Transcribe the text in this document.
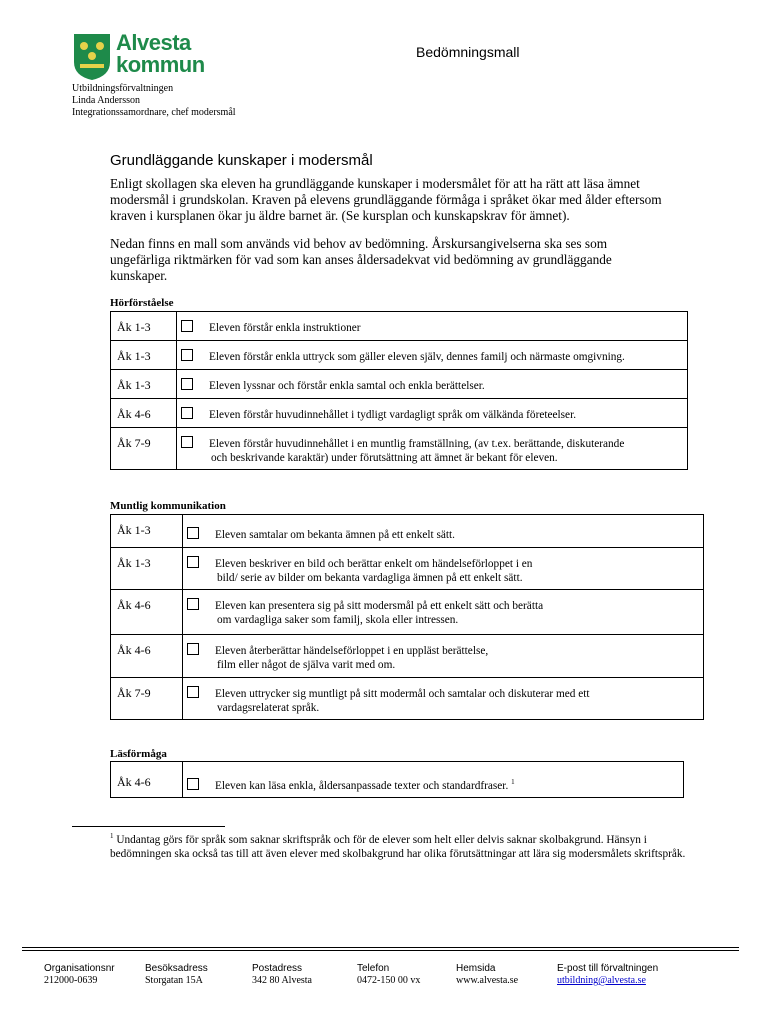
Alvesta
kommun
Utbildningsförvaltningen
Linda Andersson
Integrationssamordnare, chef modersmål
Bedömningsmall
Grundläggande kunskaper i modersmål
Enligt skollagen ska eleven ha grundläggande kunskaper i modersmålet för att ha rätt att läsa ämnet modersmål i grundskolan. Kraven på elevens grundläggande förmåga i språket ökar med ålder eftersom kraven i kursplanen ökar ju äldre barnet är. (Se kursplan och kunskapskrav för ämnet).
Nedan finns en mall som används vid behov av bedömning. Årskursangivelserna ska ses som ungefärliga riktmärken för vad som kan anses åldersadekvat vid bedömning av grundläggande kunskaper.
Hörförståelse
Åk 1-3	Eleven förstår enkla instruktioner

Åk 1-3	Eleven förstår enkla uttryck som gäller eleven själv, dennes familj och närmaste omgivning.

Åk 1-3	Eleven lyssnar och förstår enkla samtal och enkla berättelser.

Åk 4-6	Eleven förstår huvudinnehållet i tydligt vardagligt språk om välkända företeelser.

Åk 7-9	Eleven förstår huvudinnehållet i en muntlig framställning, (av t.ex. berättande, diskuterande
och beskrivande karaktär) under förutsättning att ämnet är bekant för eleven.
Muntlig kommunikation
Åk 1-3	Eleven samtalar om bekanta ämnen på ett enkelt sätt.

Åk 1-3	Eleven beskriver en bild och berättar enkelt om händelseförloppet i en
bild/ serie av bilder om bekanta vardagliga ämnen på ett enkelt sätt.

Åk 4-6	Eleven kan presentera sig på sitt modersmål på ett enkelt sätt och berätta
om vardagliga saker som familj, skola eller intressen.

Åk 4-6	Eleven återberättar händelseförloppet i en uppläst berättelse,
film eller något de själva varit med om.

Åk 7-9	Eleven uttrycker sig muntligt på sitt modermål och samtalar och diskuterar med ett
vardagsrelaterat språk.
Läsförmåga
Åk 4-6	Eleven kan läsa enkla, åldersanpassade texter och standardfraser. $^1$
$^1$ Undantag görs för språk som saknar skriftspråk och för de elever som helt eller delvis saknar skolbakgrund. Hänsyn i bedömningen ska också tas till att även elever med skolbakgrund har olika förutsättningar att lära sig modersmålets skriftspråk.
Organisationsnr
212000-0639
Besöksadress
Storgatan 15A
Postadress
342 80 Alvesta
Telefon
0472-150 00 vx
Hemsida
www.alvesta.se
E-post till förvaltningen
utbildning@alvesta.se
